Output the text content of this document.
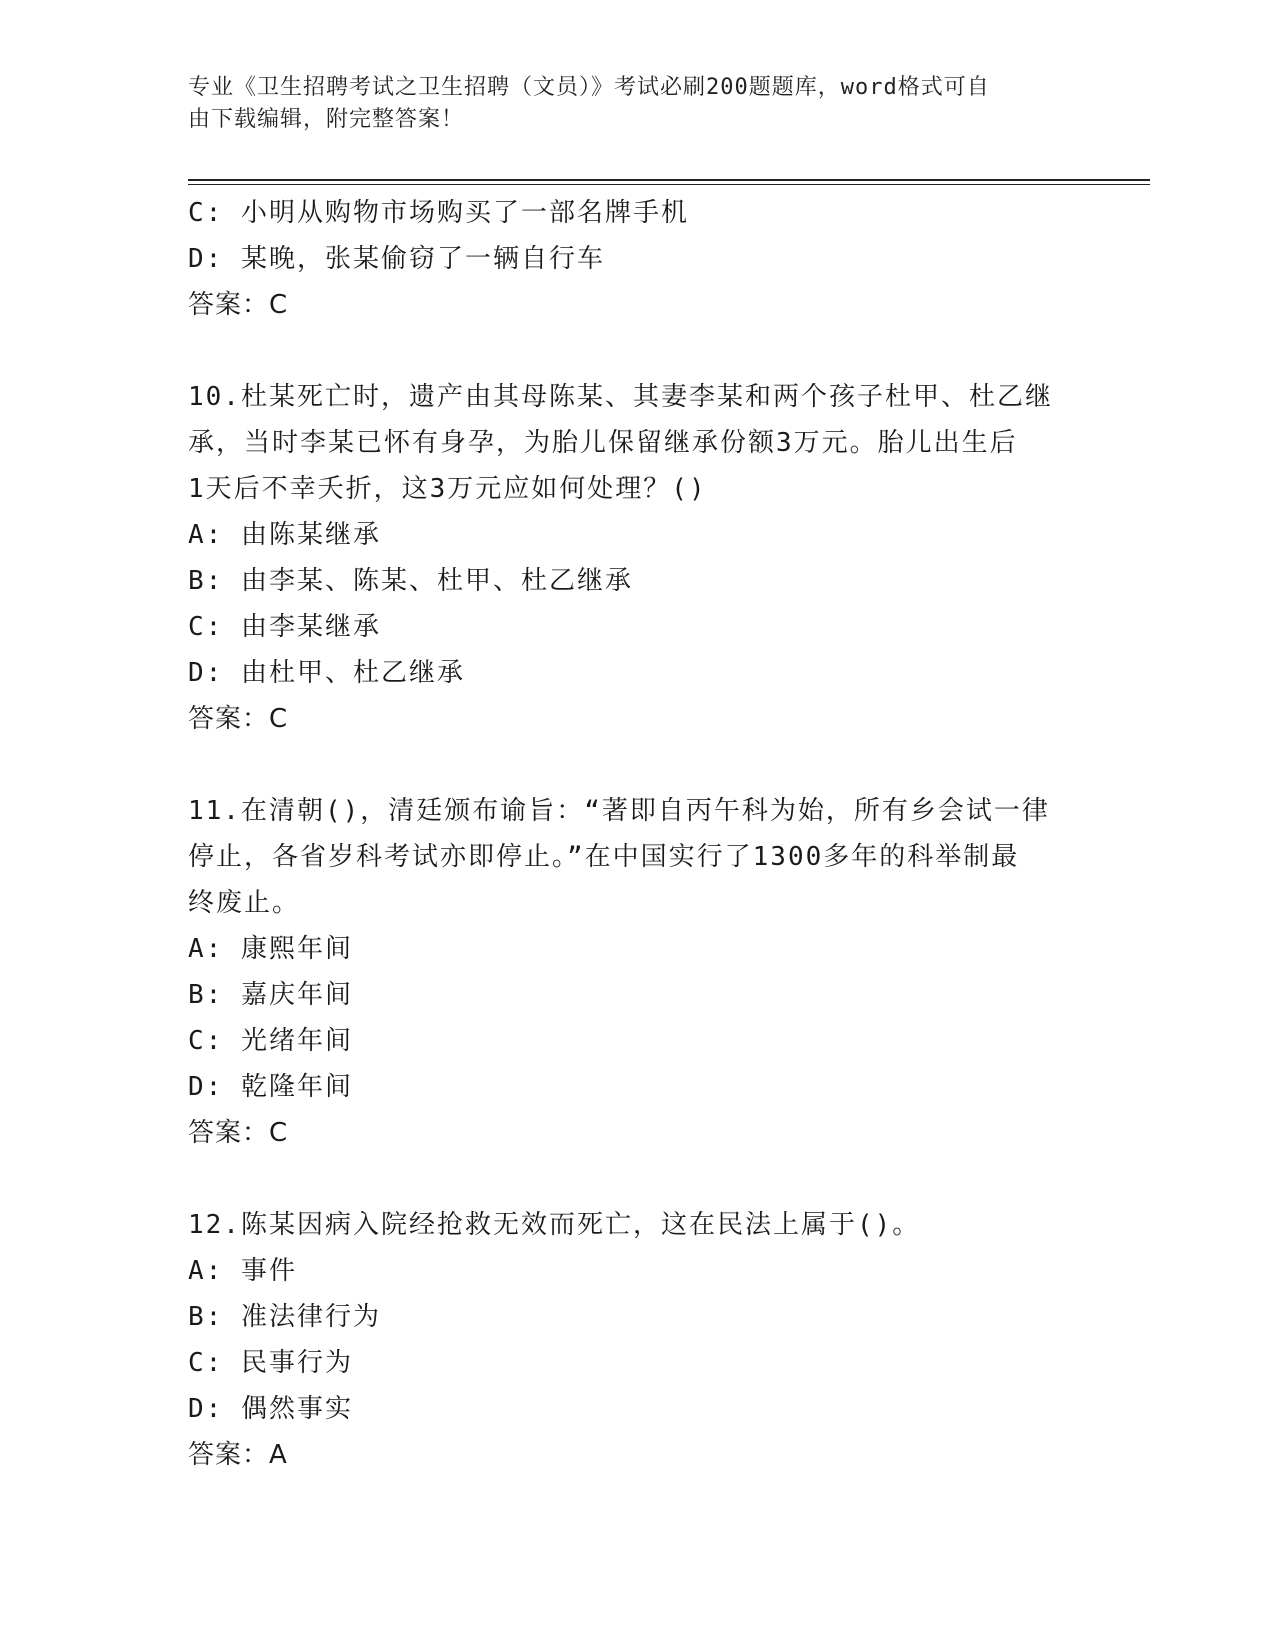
专业《卫生招聘考试之卫生招聘（文员）》考试必刷200题题库，word格式可自
由下载编辑，附完整答案！
C: 小明从购物市场购买了一部名牌手机
D: 某晚，张某偷窃了一辆自行车
答案：C
10.杜某死亡时，遗产由其母陈某、其妻李某和两个孩子杜甲、杜乙继
承，当时李某已怀有身孕，为胎儿保留继承份额3万元。胎儿出生后
1天后不幸夭折，这3万元应如何处理？()
A: 由陈某继承
B: 由李某、陈某、杜甲、杜乙继承
C: 由李某继承
D: 由杜甲、杜乙继承
答案：C
11.在清朝()，清廷颁布谕旨：“著即自丙午科为始，所有乡会试一律
停止，各省岁科考试亦即停止。”在中国实行了1300多年的科举制最
终废止。
A: 康熙年间
B: 嘉庆年间
C: 光绪年间
D: 乾隆年间
答案：C
12.陈某因病入院经抢救无效而死亡，这在民法上属于()。
A: 事件
B: 准法律行为
C: 民事行为
D: 偶然事实
答案：A
